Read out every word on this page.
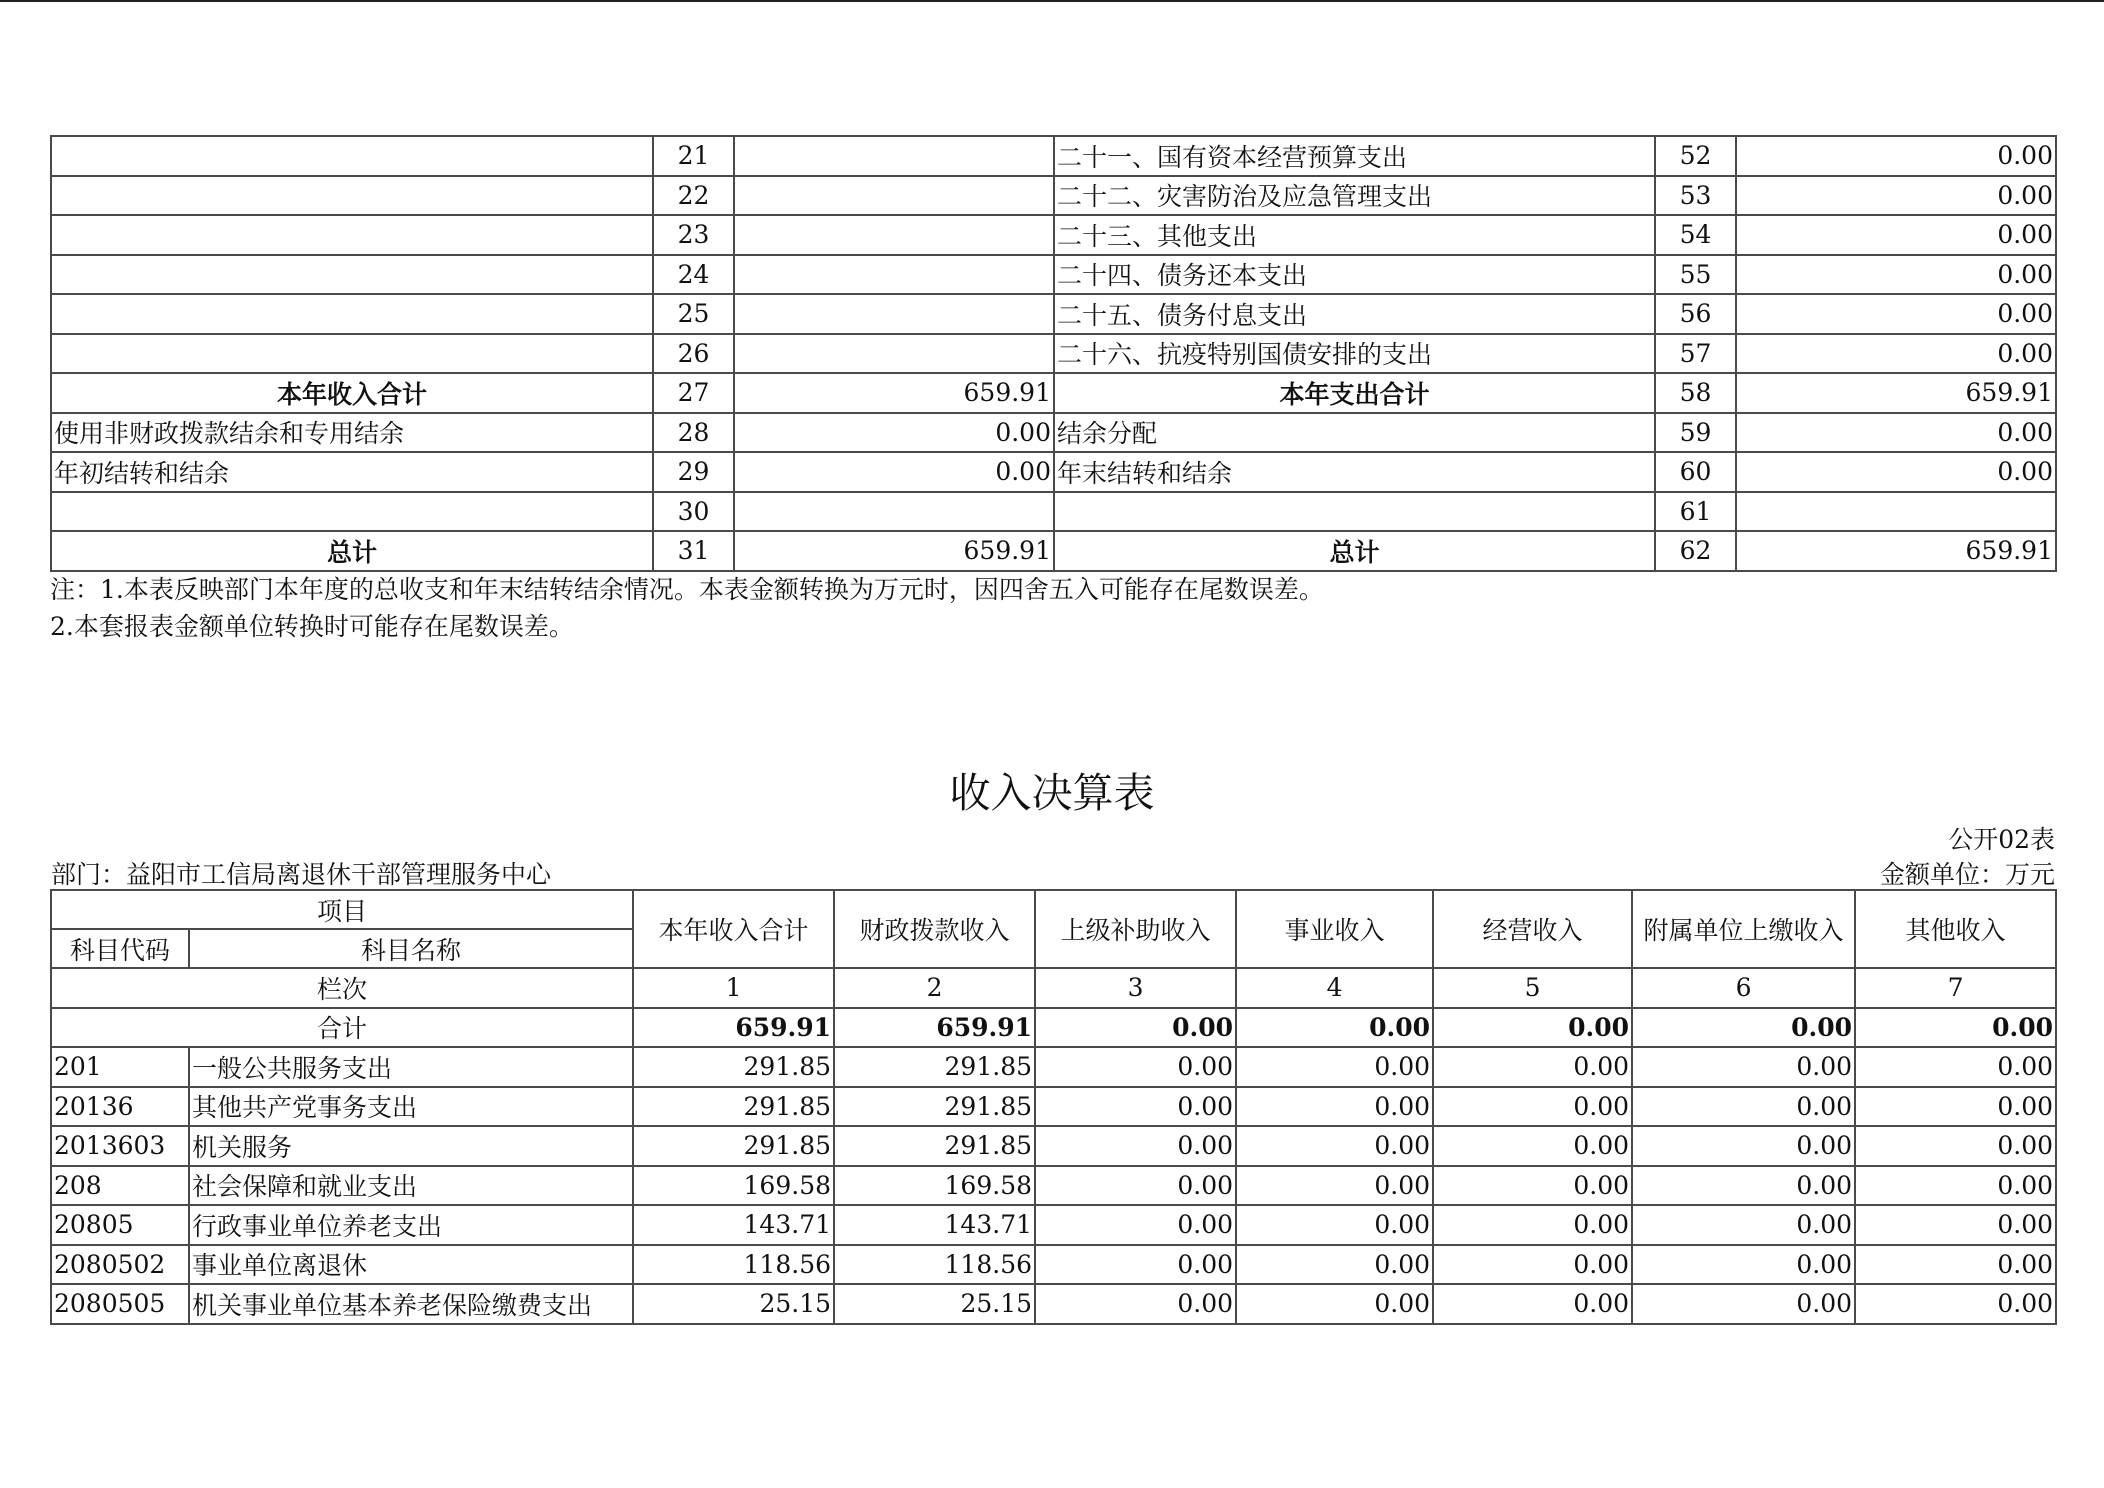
	21		二十一、国有资本经营预算支出	52	0.00
	22		二十二、灾害防治及应急管理支出	53	0.00
	23		二十三、其他支出	54	0.00
	24		二十四、债务还本支出	55	0.00
	25		二十五、债务付息支出	56	0.00
	26		二十六、抗疫特别国债安排的支出	57	0.00
本年收入合计	27	659.91	本年支出合计	58	659.91
使用非财政拨款结余和专用结余	28	0.00	结余分配	59	0.00
年初结转和结余	29	0.00	年末结转和结余	60	0.00
	30			61	
总计	31	659.91	总计	62	659.91
注：1.本表反映部门本年度的总收支和年末结转结余情况。本表金额转换为万元时，因四舍五入可能存在尾数误差。
2.本套报表金额单位转换时可能存在尾数误差。
收入决算表
公开02表
部门：益阳市工信局离退休干部管理服务中心	金额单位：万元
项目		本年收入合计	财政拨款收入	上级补助收入	事业收入	经营收入	附属单位上缴收入	其他收入
科目代码	科目名称							
栏次		1	2	3	4	5	6	7
合计		659.91	659.91	0.00	0.00	0.00	0.00	0.00
201	一般公共服务支出	291.85	291.85	0.00	0.00	0.00	0.00	0.00
20136	其他共产党事务支出	291.85	291.85	0.00	0.00	0.00	0.00	0.00
2013603	机关服务	291.85	291.85	0.00	0.00	0.00	0.00	0.00
208	社会保障和就业支出	169.58	169.58	0.00	0.00	0.00	0.00	0.00
20805	行政事业单位养老支出	143.71	143.71	0.00	0.00	0.00	0.00	0.00
2080502	事业单位离退休	118.56	118.56	0.00	0.00	0.00	0.00	0.00
2080505	机关事业单位基本养老保险缴费支出	25.15	25.15	0.00	0.00	0.00	0.00	0.00
